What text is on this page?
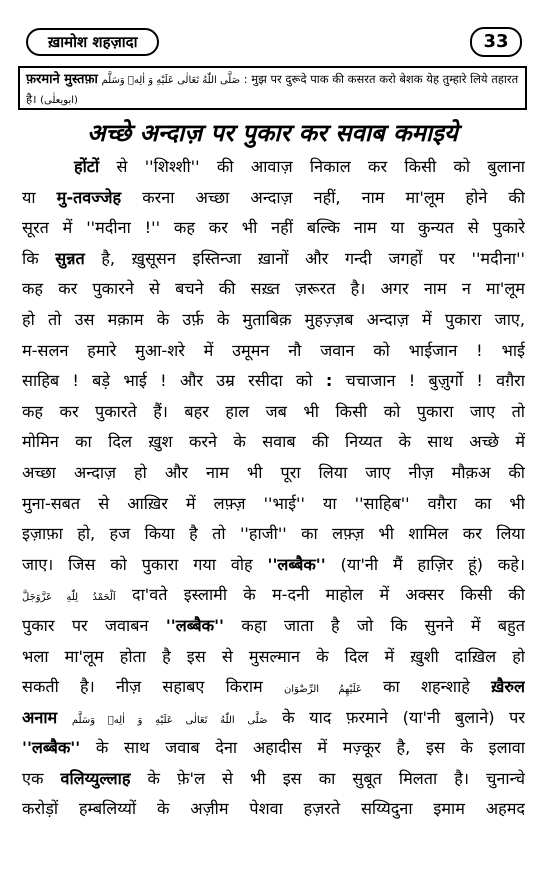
ख़ामोश शहज़ादा	33
फ़रमाने मुस्तफ़ा صَلَّى اللّٰهُ تَعَالٰى عَلَيْهِ وَ اٰلِهٖ وَسَلَّم : मुझ पर दुरूदे पाक की कसरत करो बेशक येह तुम्हारे लिये तहारत है। (ابویعلٰی)
अच्छे अन्दाज़ पर पुकार कर सवाब कमाइये
होंटों से ''शिश्शी'' की आवाज़ निकाल कर किसी को बुलाना
या मु-तवज्जेह करना अच्छा अन्दाज़ नहीं, नाम मा'लूम होने की
सूरत में ''मदीना !'' कह कर भी नहीं बल्कि नाम या कुन्यत से पुकारे
कि सुन्नत है, ख़ुसूसन इस्तिन्जा ख़ानों और गन्दी जगहों पर ''मदीना''
कह कर पुकारने से बचने की सख़्त ज़रूरत है। अगर नाम न मा'लूम
हो तो उस मक़ाम के उर्फ़ के मुताबिक़ मुहज़्ज़ब अन्दाज़ में पुकारा जाए,
म-सलन हमारे मुआ-शरे में उमूमन नौ जवान को भाईजान ! भाई
साहिब ! बड़े भाई ! और उम्र रसीदा को : चचाजान ! बुज़ुर्गो ! वग़ैरा
कह कर पुकारते हैं। बहर हाल जब भी किसी को पुकारा जाए तो
मोमिन का दिल ख़ुश करने के सवाब की निय्यत के साथ अच्छे में
अच्छा अन्दाज़ हो और नाम भी पूरा लिया जाए नीज़ मौक़अ की
मुना-सबत से आख़िर में लफ़्ज़ ''भाई'' या ''साहिब'' वग़ैरा का भी
इज़ाफ़ा हो, हज किया है तो ''हाजी'' का लफ़्ज़ भी शामिल कर लिया
जाए। जिस को पुकारा गया वोह ''लब्बैक'' (या'नी मैं हाज़िर हूं) कहे।
اَلْحَمْدُ لِلّٰهِ عَزَّوَجَلَّ दा'वते इस्लामी के म-दनी माहोल में अक्सर किसी की
पुकार पर जवाबन ''लब्बैक'' कहा जाता है जो कि सुनने में बहुत
भला मा'लूम होता है इस से मुसल्मान के दिल में ख़ुशी दाख़िल हो
सकती है। नीज़ सहाबए किराम عَلَيْهِمُ الرِّضْوَان का शहन्शाहे ख़ैरुल
अनाम صَلَّى اللّٰهُ تَعَالٰى عَلَيْهِ وَ اٰلِهٖ وَسَلَّم के याद फ़रमाने (या'नी बुलाने) पर
''लब्बैक'' के साथ जवाब देना अहादीस में मज़्कूर है, इस के इलावा
एक वलिय्युल्लाह के फ़े'ल से भी इस का सुबूत मिलता है। चुनान्चे
करोड़ों हम्बलिय्यों के अज़ीम पेशवा हज़रते सय्यिदुना इमाम अहमद
